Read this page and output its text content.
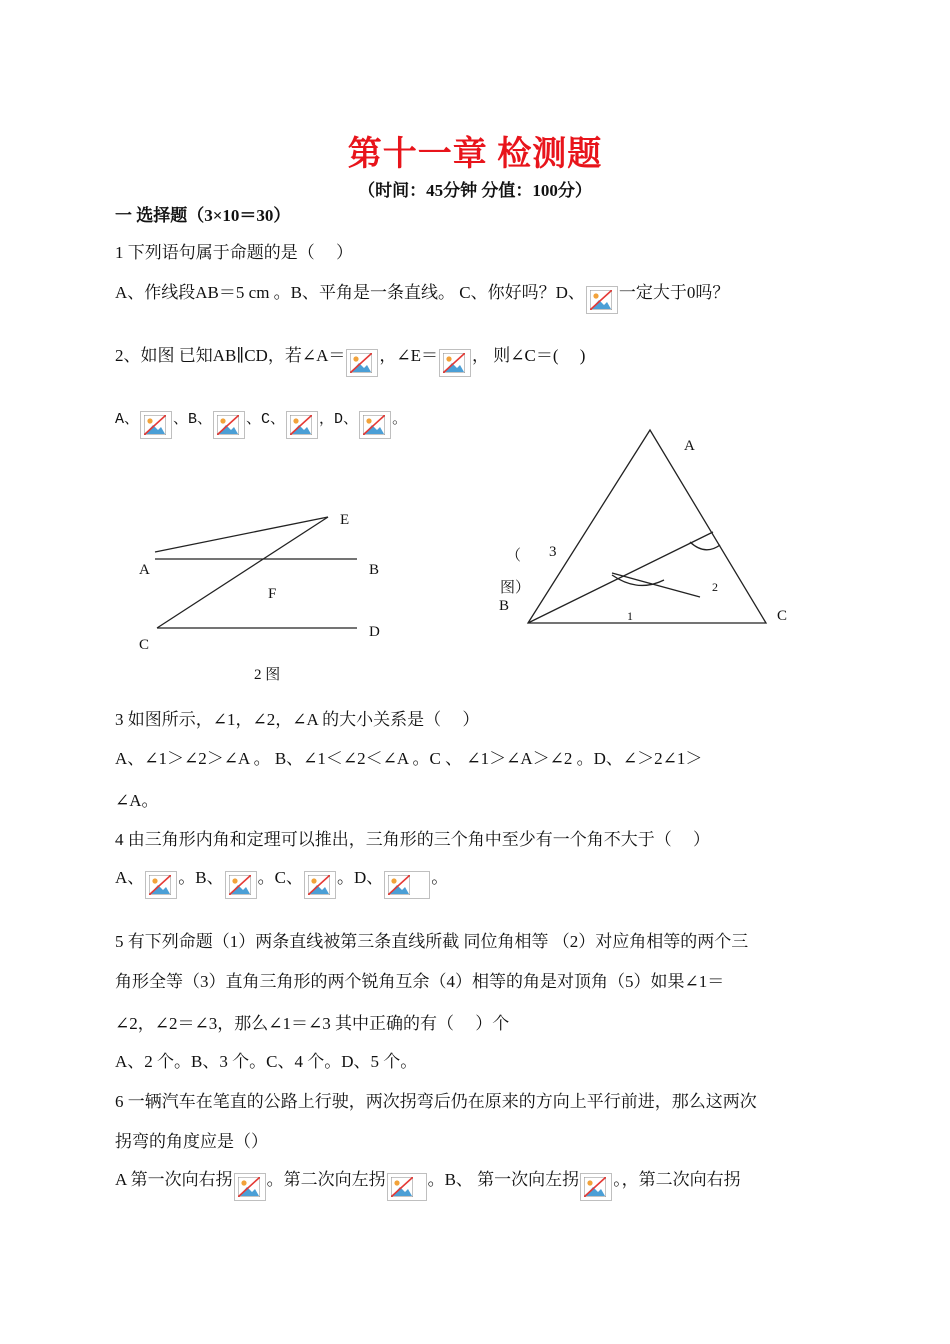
第十一章 检测题
（时间：45分钟 分值：100分）
一 选择题（3×10＝30）
1 下列语句属于命题的是（　 ）
A、作线段AB＝5 cm 。B、平角是一条直线。 C、你好吗？D、 一定大于0吗？
2、如图 已知AB∥CD，若∠A＝ ，∠E＝ ， 则∠C＝(　 )
A、 、B、 、C、 ，D、 。
E
A	B
F
C
D
2 图
A
（ 3
图）
B
C
1
2
3 如图所示，∠1，∠2，∠A 的大小关系是（　 ）
A、∠1＞∠2＞∠A 。 B、∠1＜∠2＜∠A 。C 、 ∠1＞∠A＞∠2 。D、∠＞2∠1＞
∠A。
4 由三角形内角和定理可以推出，三角形的三个角中至少有一个角不大于（　 ）
A、 。B、 。C、 。D、	。
5 有下列命题（1）两条直线被第三条直线所截 同位角相等 （2）对应角相等的两个三
角形全等（3）直角三角形的两个锐角互余（4）相等的角是对顶角（5）如果∠1＝
∠2，∠2＝∠3，那么∠1＝∠3 其中正确的有（　 ）个
A、2 个。B、3 个。C、4 个。D、5 个。
6 一辆汽车在笔直的公路上行驶，两次拐弯后仍在原来的方向上平行前进，那么这两次
拐弯的角度应是（）
A 第一次向右拐 。第二次向左拐 。B、 第一次向左拐 。，第二次向右拐
